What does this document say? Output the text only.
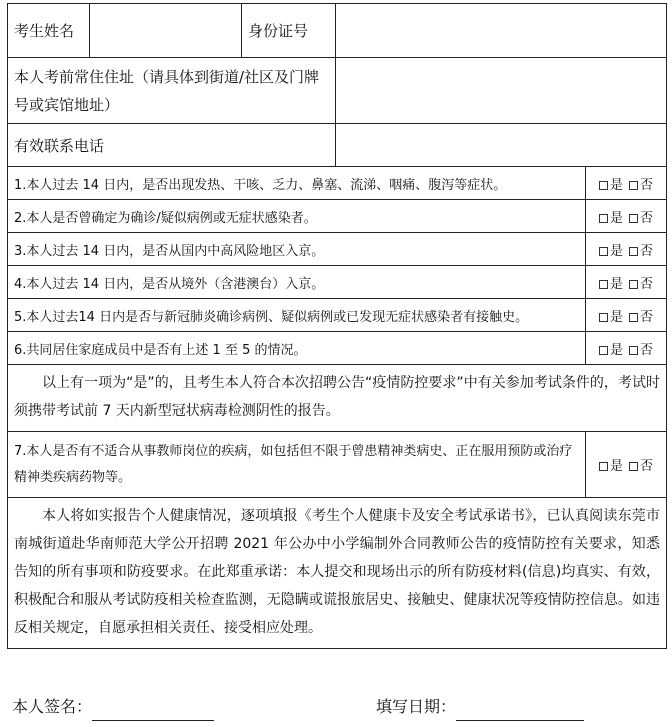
考生姓名		身份证号		
本人考前常住住址（请具体到街道/社区及门牌号或宾馆地址）				
有效联系电话				
1.本人过去 14 日内，是否出现发热、干咳、乏力、鼻塞、流涕、咽痛、腹泻等症状。				是 否
2.本人是否曾确定为确诊/疑似病例或无症状感染者。				是 否
3.本人过去 14 日内，是否从国内中高风险地区入京。				是 否
4.本人过去 14 日内，是否从境外（含港澳台）入京。				是 否
5.本人过去14 日内是否与新冠肺炎确诊病例、疑似病例或已发现无症状感染者有接触史。				是 否
6.共同居住家庭成员中是否有上述 1 至 5 的情况。				是 否
以上有一项为“是”的，且考生本人符合本次招聘公告“疫情防控要求”中有关参加考试条件的，考试时须携带考试前 7 天内新型冠状病毒检测阴性的报告。				
7.本人是否有不适合从事教师岗位的疾病，如包括但不限于曾患精神类病史、正在服用预防或治疗精神类疾病药物等。				是 否
本人将如实报告个人健康情况，逐项填报《考生个人健康卡及安全考试承诺书》，已认真阅读东莞市南城街道赴华南师范大学公开招聘 2021 年公办中小学编制外合同教师公告的疫情防控有关要求，知悉告知的所有事项和防疫要求。在此郑重承诺：本人提交和现场出示的所有防疫材料(信息)均真实、有效，积极配合和服从考试防疫相关检查监测，无隐瞒或谎报旅居史、接触史、健康状况等疫情防控信息。如违反相关规定，自愿承担相关责任、接受相应处理。				
本人签名：	填写日期：
